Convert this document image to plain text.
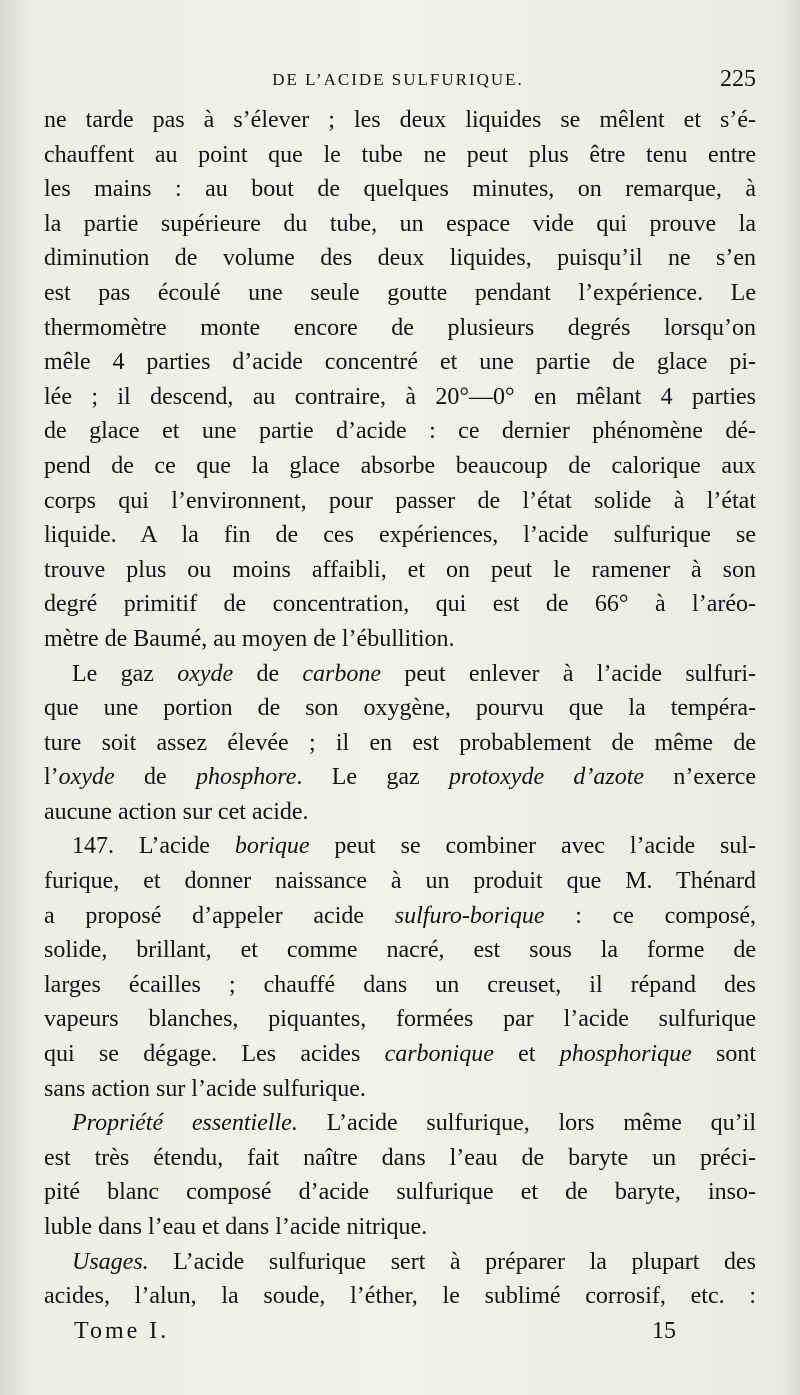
DE L’ACIDE SULFURIQUE.	225
ne tarde pas à s’élever ; les deux liquides se mêlent et s’é-
chauffent au point que le tube ne peut plus être tenu entre
les mains : au bout de quelques minutes, on remarque, à
la partie supérieure du tube, un espace vide qui prouve la
diminution de volume des deux liquides, puisqu’il ne s’en
est pas écoulé une seule goutte pendant l’expérience. Le
thermomètre monte encore de plusieurs degrés lorsqu’on
mêle 4 parties d’acide concentré et une partie de glace pi-
lée ; il descend, au contraire, à 20°—0° en mêlant 4 parties
de glace et une partie d’acide : ce dernier phénomène dé-
pend de ce que la glace absorbe beaucoup de calorique aux
corps qui l’environnent, pour passer de l’état solide à l’état
liquide. A la fin de ces expériences, l’acide sulfurique se
trouve plus ou moins affaibli, et on peut le ramener à son
degré primitif de concentration, qui est de 66° à l’aréo-
mètre de Baumé, au moyen de l’ébullition.
Le gaz oxyde de carbone peut enlever à l’acide sulfuri-
que une portion de son oxygène, pourvu que la tempéra-
ture soit assez élevée ; il en est probablement de même de
l’oxyde de phosphore. Le gaz protoxyde d’azote n’exerce
aucune action sur cet acide.
147. L’acide borique peut se combiner avec l’acide sul-
furique, et donner naissance à un produit que M. Thénard
a proposé d’appeler acide sulfuro-borique : ce composé,
solide, brillant, et comme nacré, est sous la forme de
larges écailles ; chauffé dans un creuset, il répand des
vapeurs blanches, piquantes, formées par l’acide sulfurique
qui se dégage. Les acides carbonique et phosphorique sont
sans action sur l’acide sulfurique.
Propriété essentielle. L’acide sulfurique, lors même qu’il
est très étendu, fait naître dans l’eau de baryte un préci-
pité blanc composé d’acide sulfurique et de baryte, inso-
luble dans l’eau et dans l’acide nitrique.
Usages. L’acide sulfurique sert à préparer la plupart des
acides, l’alun, la soude, l’éther, le sublimé corrosif, etc. :
Tome I.	15
